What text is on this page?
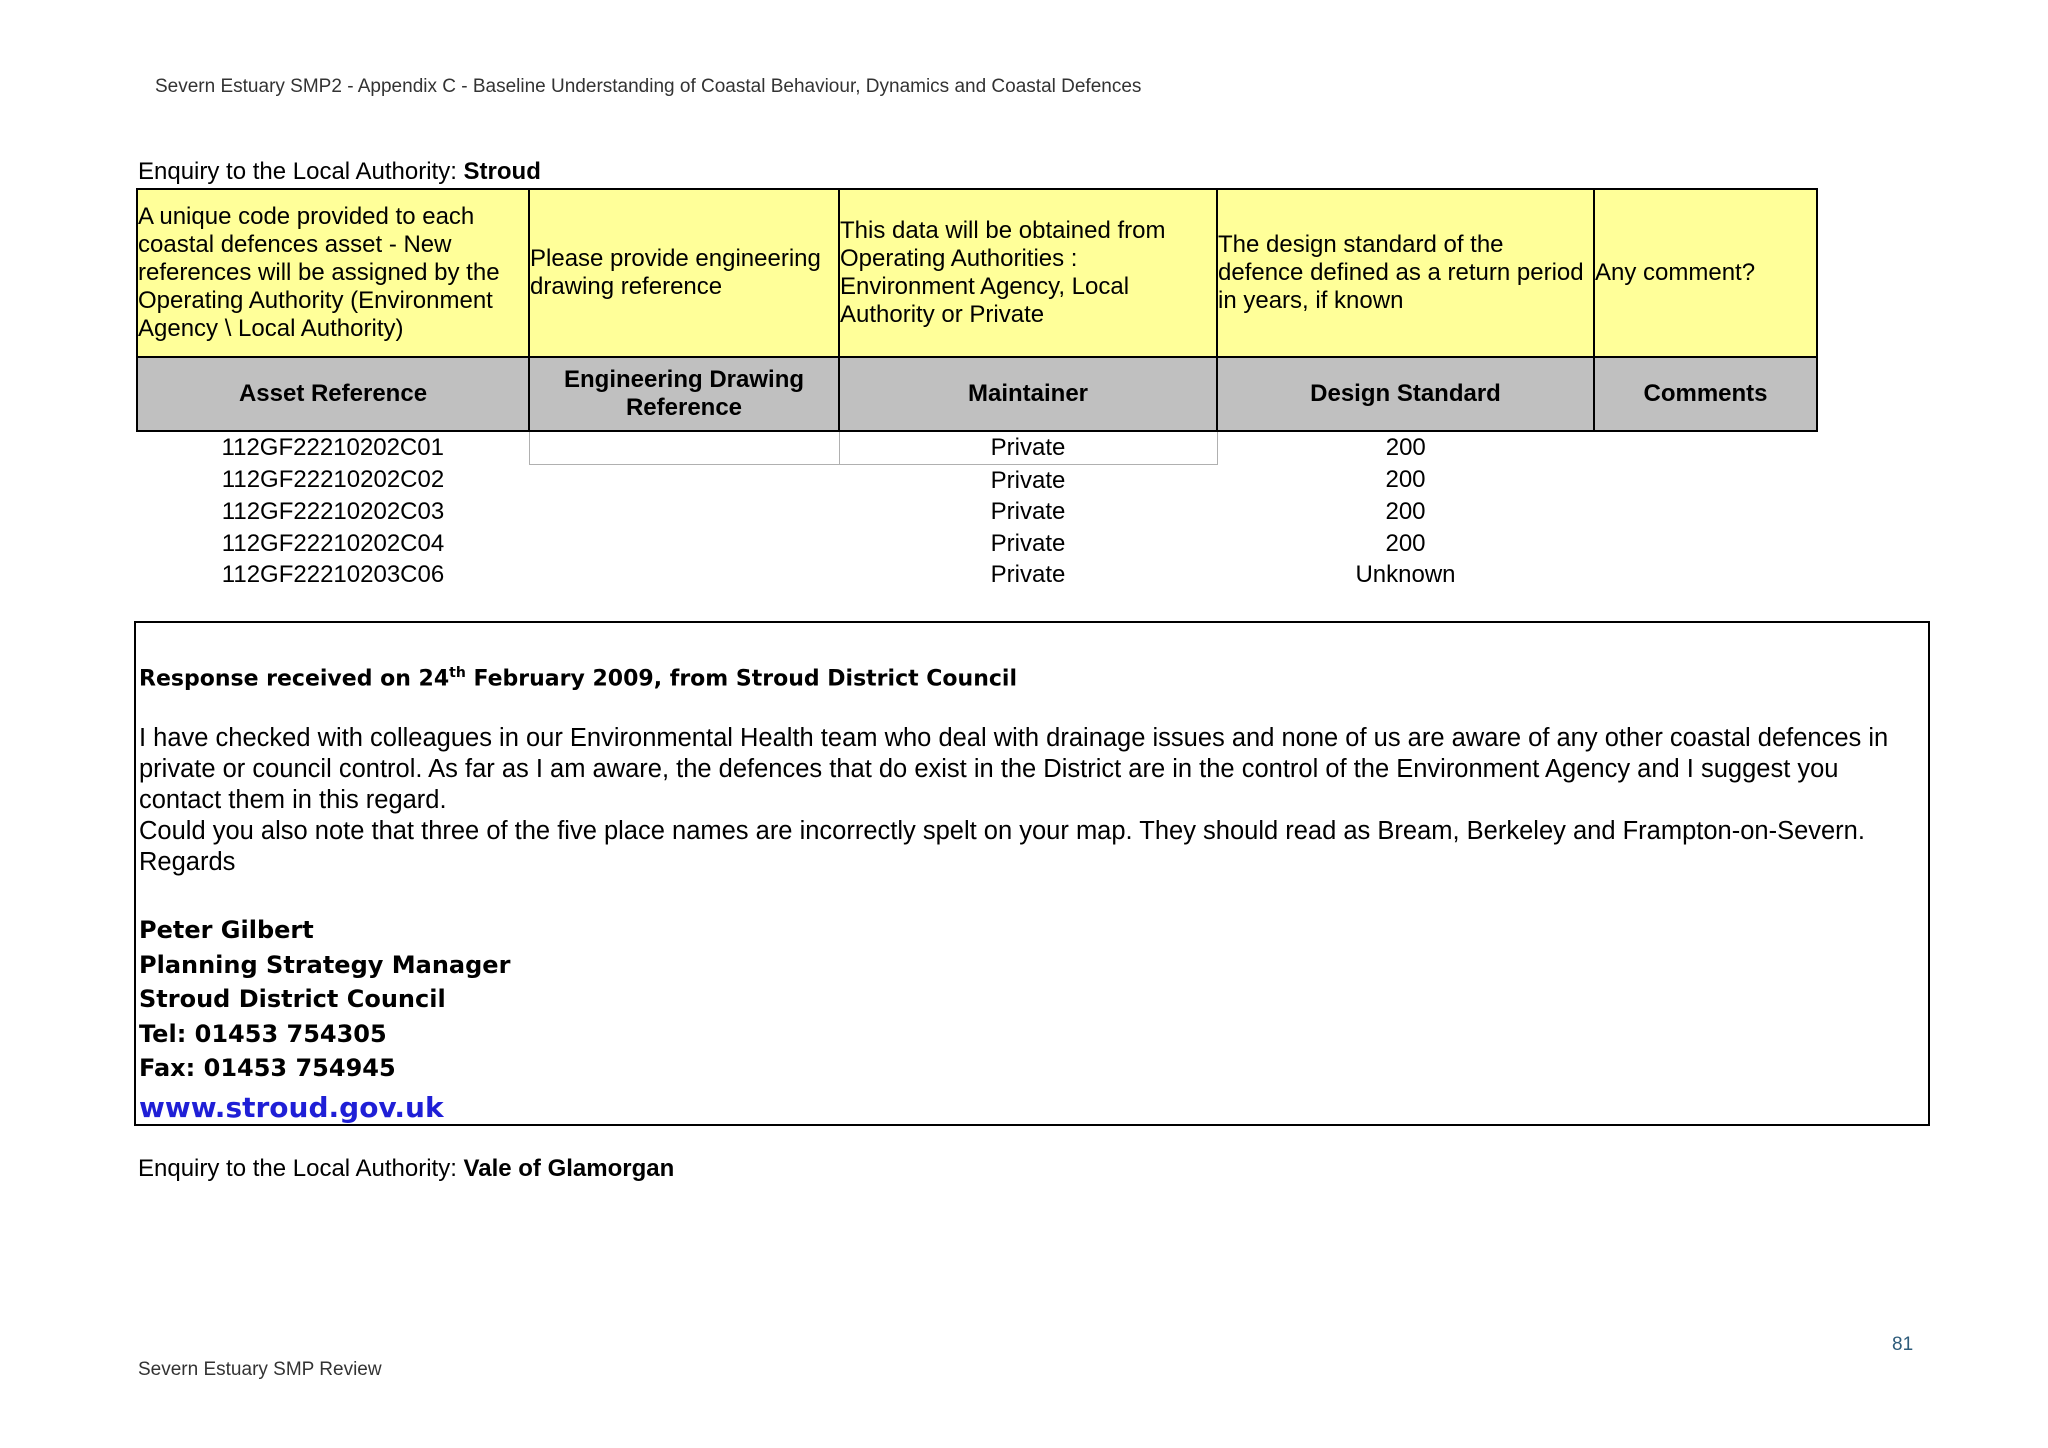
Severn Estuary SMP2 - Appendix C - Baseline Understanding of Coastal Behaviour, Dynamics and Coastal Defences
Enquiry to the Local Authority: Stroud
A unique code provided to each coastal defences asset - New references will be assigned by the Operating Authority (Environment Agency \ Local Authority)	Please provide engineering drawing reference	This data will be obtained from Operating Authorities : Environment Agency, Local Authority or Private	The design standard of the defence defined as a return period in years, if known	Any comment?
Asset Reference	Engineering Drawing Reference	Maintainer	Design Standard	Comments
112GF22210202C01		Private	200	
112GF22210202C02		Private	200	
112GF22210202C03		Private	200	
112GF22210202C04		Private	200	
112GF22210203C06		Private	Unknown	
Response received on 24th February 2009, from Stroud District Council

I have checked with colleagues in our Environmental Health team who deal with drainage issues and none of us are aware of any other coastal defences in private or council control. As far as I am aware, the defences that do exist in the District are in the control of the Environment Agency and I suggest you contact them in this regard.

Could you also note that three of the five place names are incorrectly spelt on your map. They should read as Bream, Berkeley and Frampton-on-Severn.

Regards

Peter Gilbert
Planning Strategy Manager
Stroud District Council
Tel: 01453 754305
Fax: 01453 754945
www.stroud.gov.uk
Enquiry to the Local Authority: Vale of Glamorgan
81
Severn Estuary SMP Review
